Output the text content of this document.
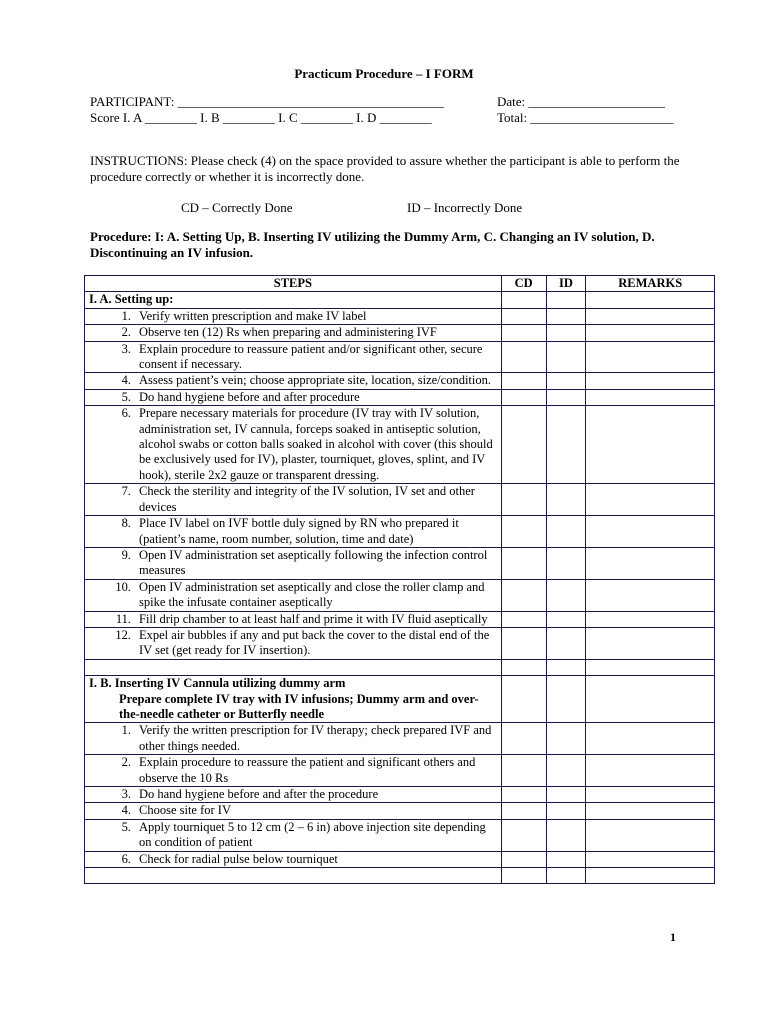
Practicum Procedure – I FORM
PARTICIPANT: _________________________________________	Date: _____________________
Score I. A ________ I. B ________ I. C ________ I. D ________	Total: ______________________
INSTRUCTIONS: Please check (4) on the space provided to assure whether the participant is able to perform the procedure correctly or whether it is incorrectly done.
CD – Correctly Done	ID – Incorrectly Done
Procedure: I: A. Setting Up, B. Inserting IV utilizing the Dummy Arm, C. Changing an IV solution, D. Discontinuing an IV infusion.
STEPS	CD	ID	REMARKS
I. A. Setting up:			

1. Verify written prescription and make IV label			

2. Observe ten (12) Rs when preparing and administering IVF			

3. Explain procedure to reassure patient and/or significant other, secure consent if necessary.			

4. Assess patient’s vein; choose appropriate site, location, size/condition.			

5. Do hand hygiene before and after procedure			

6. Prepare necessary materials for procedure (IV tray with IV solution, administration set, IV cannula, forceps soaked in antiseptic solution, alcohol swabs or cotton balls soaked in alcohol with cover (this should be exclusively used for IV), plaster, tourniquet, gloves, splint, and IV hook), sterile 2x2 gauze or transparent dressing.			

7. Check the sterility and integrity of the IV solution, IV set and other devices			

8. Place IV label on IVF bottle duly signed by RN who prepared it (patient’s name, room number, solution, time and date)			

9. Open IV administration set aseptically following the infection control measures			

10. Open IV administration set aseptically and close the roller clamp and spike the infusate container aseptically			

11. Fill drip chamber to at least half and prime it with IV fluid aseptically			

12. Expel air bubbles if any and put back the cover to the distal end of the IV set (get ready for IV insertion).			

I. B. Inserting IV Cannula utilizing dummy arm
Prepare complete IV tray with IV infusions; Dummy arm and over-the-needle catheter or Butterfly needle			

1. Verify the written prescription for IV therapy; check prepared IVF and other things needed.			

2. Explain procedure to reassure the patient and significant others and observe the 10 Rs			

3. Do hand hygiene before and after the procedure			

4. Choose site for IV			

5. Apply tourniquet 5 to 12 cm (2 – 6 in) above injection site depending on condition of patient			

6. Check for radial pulse below tourniquet			

1
